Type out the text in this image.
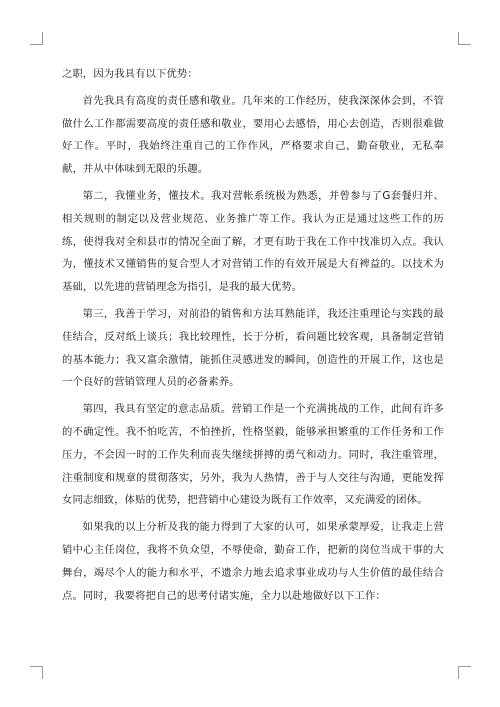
之职，因为我具有以下优势：

首先我具有高度的责任感和敬业。几年来的工作经历，使我深深体会到，不管做什么工作都需要高度的责任感和敬业，要用心去感悟，用心去创造，否则很难做好工作。平时，我始终注重自己的工作作风，严格要求自己，勤奋敬业，无私奉献，并从中体味到无限的乐趣。

第二，我懂业务，懂技术。我对营帐系统极为熟悉，并曾参与了G套餐归并、相关规则的制定以及营业规范、业务推广等工作。我认为正是通过这些工作的历练，使得我对全和县市的情况全面了解，才更有助于我在工作中找准切入点。我认为，懂技术又懂销售的复合型人才对营销工作的有效开展是大有裨益的。以技术为基础，以先进的营销理念为指引，是我的最大优势。

第三，我善于学习，对前沿的销售和方法耳熟能详，我还注重理论与实践的最佳结合，反对纸上谈兵；我比较理性，长于分析，看问题比较客观，具备制定营销的基本能力；我又富余激情，能抓住灵感迸发的瞬间，创造性的开展工作，这也是一个良好的营销管理人员的必备素养。

第四，我具有坚定的意志品质。营销工作是一个充满挑战的工作，此间有许多的不确定性。我不怕吃苦，不怕挫折，性格坚毅，能够承担繁重的工作任务和工作压力，不会因一时的工作失利而丧失继续拼搏的勇气和动力。同时，我注重管理，注重制度和规章的贯彻落实，另外，我为人热情，善于与人交往与沟通，更能发挥女同志细致，体贴的优势，把营销中心建设为既有工作效率，又充满爱的团体。

如果我的以上分析及我的能力得到了大家的认可，如果承蒙厚爱，让我走上营销中心主任岗位，我将不负众望，不辱使命，勤奋工作，把新的岗位当成干事的大舞台，竭尽个人的能力和水平，不遗余力地去追求事业成功与人生价值的最佳结合点。同时，我要将把自己的思考付诸实施，全力以赴地做好以下工作：
